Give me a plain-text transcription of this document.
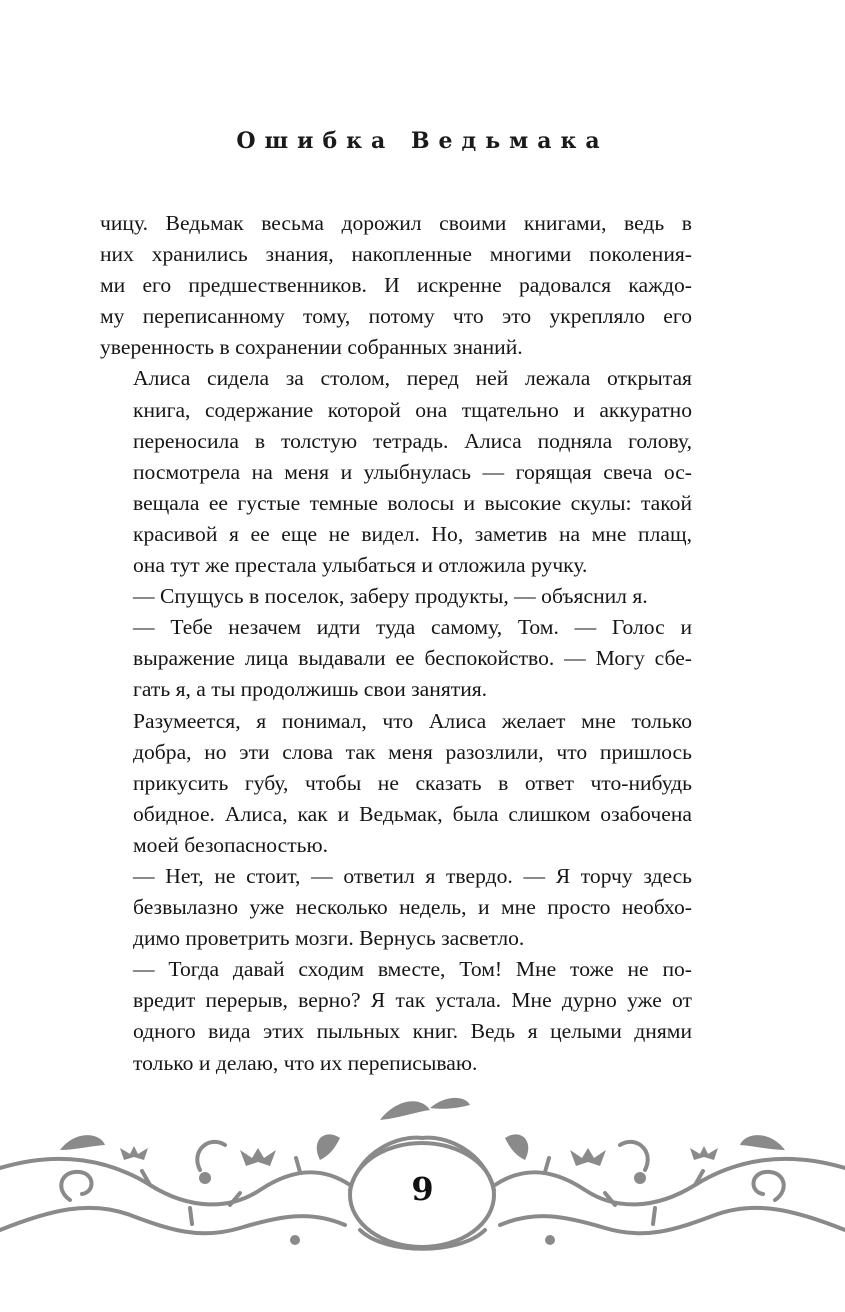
Ошибка Ведьмака

чицу. Ведьмак весьма дорожил своими книгами, ведь в
них хранились знания, накопленные многими поколения-
ми его предшественников. И искренне радовался каждо-
му переписанному тому, потому что это укрепляло его
уверенность в сохранении собранных знаний.

Алиса сидела за столом, перед ней лежала открытая
книга, содержание которой она тщательно и аккуратно
переносила в толстую тетрадь. Алиса подняла голову,
посмотрела на меня и улыбнулась — горящая свеча ос-
вещала ее густые темные волосы и высокие скулы: такой
красивой я ее еще не видел. Но, заметив на мне плащ,
она тут же престала улыбаться и отложила ручку.

— Спущусь в поселок, заберу продукты, — объяснил я.

— Тебе незачем идти туда самому, Том. — Голос и
выражение лица выдавали ее беспокойство. — Могу сбе-
гать я, а ты продолжишь свои занятия.

Разумеется, я понимал, что Алиса желает мне только
добра, но эти слова так меня разозлили, что пришлось
прикусить губу, чтобы не сказать в ответ что-нибудь
обидное. Алиса, как и Ведьмак, была слишком озабочена
моей безопасностью.

— Нет, не стоит, — ответил я твердо. — Я торчу здесь
безвылазно уже несколько недель, и мне просто необхо-
димо проветрить мозги. Вернусь засветло.

— Тогда давай сходим вместе, Том! Мне тоже не по-
вредит перерыв, верно? Я так устала. Мне дурно уже от
одного вида этих пыльных книг. Ведь я целыми днями
только и делаю, что их переписываю.

9
